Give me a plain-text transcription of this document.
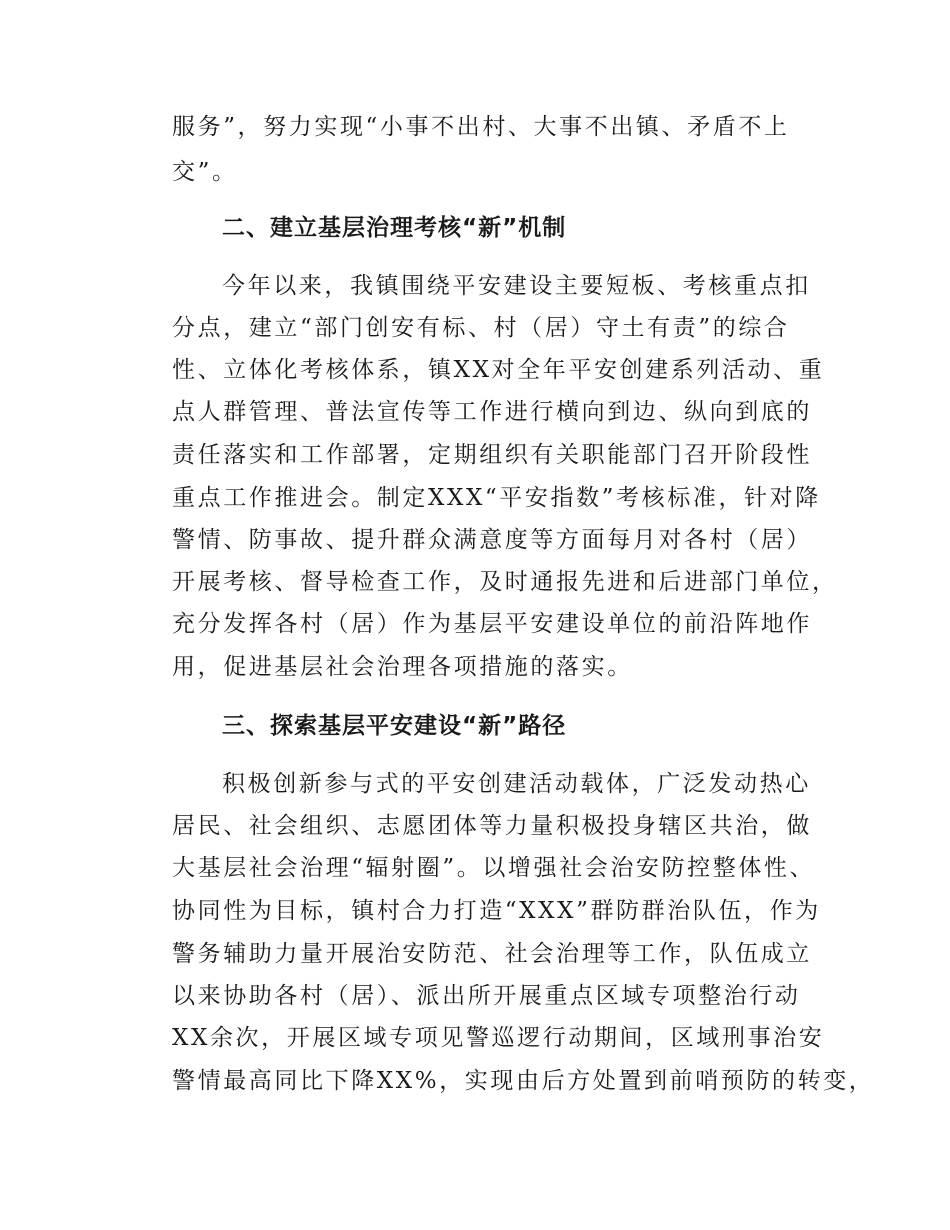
服务”，努力实现“小事不出村、大事不出镇、矛盾不上
交”。
二、建立基层治理考核“新”机制
今年以来，我镇围绕平安建设主要短板、考核重点扣
分点，建立“部门创安有标、村（居）守土有责”的综合
性、立体化考核体系，镇XX对全年平安创建系列活动、重
点人群管理、普法宣传等工作进行横向到边、纵向到底的
责任落实和工作部署，定期组织有关职能部门召开阶段性
重点工作推进会。制定XXX“平安指数”考核标准，针对降
警情、防事故、提升群众满意度等方面每月对各村（居）
开展考核、督导检查工作，及时通报先进和后进部门单位，
充分发挥各村（居）作为基层平安建设单位的前沿阵地作
用，促进基层社会治理各项措施的落实。
三、探索基层平安建设“新”路径
积极创新参与式的平安创建活动载体，广泛发动热心
居民、社会组织、志愿团体等力量积极投身辖区共治，做
大基层社会治理“辐射圈”。以增强社会治安防控整体性、
协同性为目标，镇村合力打造“XXX”群防群治队伍，作为
警务辅助力量开展治安防范、社会治理等工作，队伍成立
以来协助各村（居）、派出所开展重点区域专项整治行动
XX余次，开展区域专项见警巡逻行动期间，区域刑事治安
警情最高同比下降XX%，实现由后方处置到前哨预防的转变，
